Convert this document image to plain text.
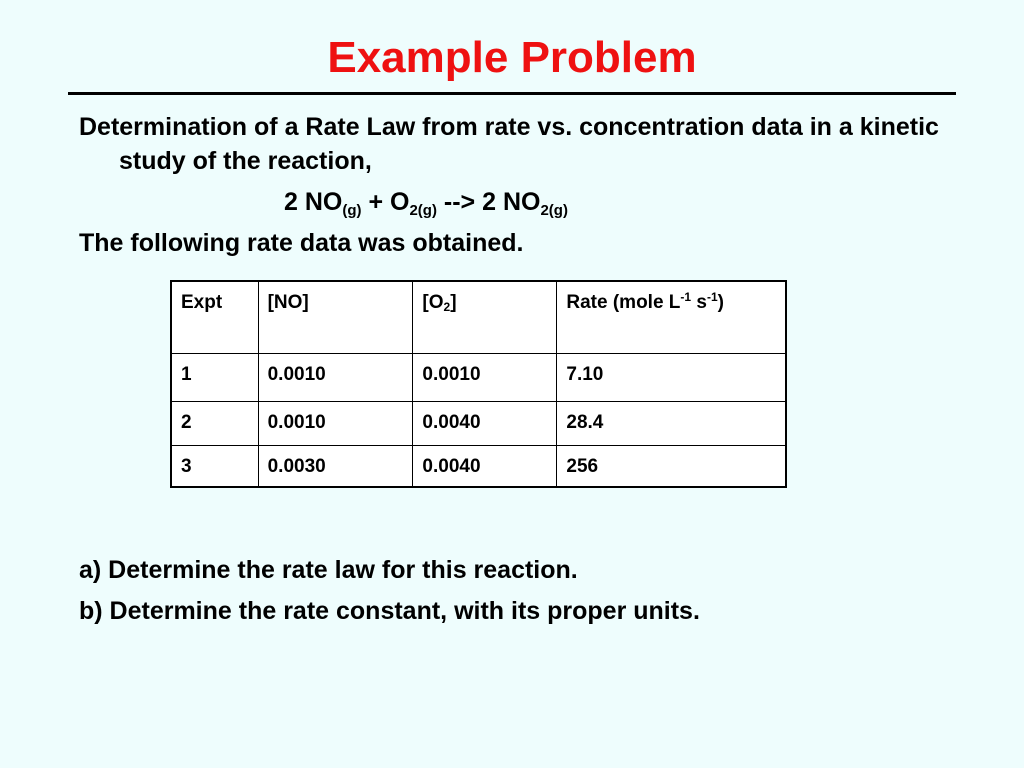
Example Problem

Determination of a Rate Law from rate vs. concentration data in a kinetic study of the reaction,

2 $NO_{(g)} + O_{2(g)}$ --> 2 $NO_{2(g)}$

The following rate data was obtained.

Expt	[NO]	$[O_2]$	Rate (mole $L^{-1}$ $s^{-1}$)
1	0.0010	0.0010	7.10
2	0.0010	0.0040	28.4
3	0.0030	0.0040	256

a) Determine the rate law for this reaction.

b) Determine the rate constant, with its proper units.
